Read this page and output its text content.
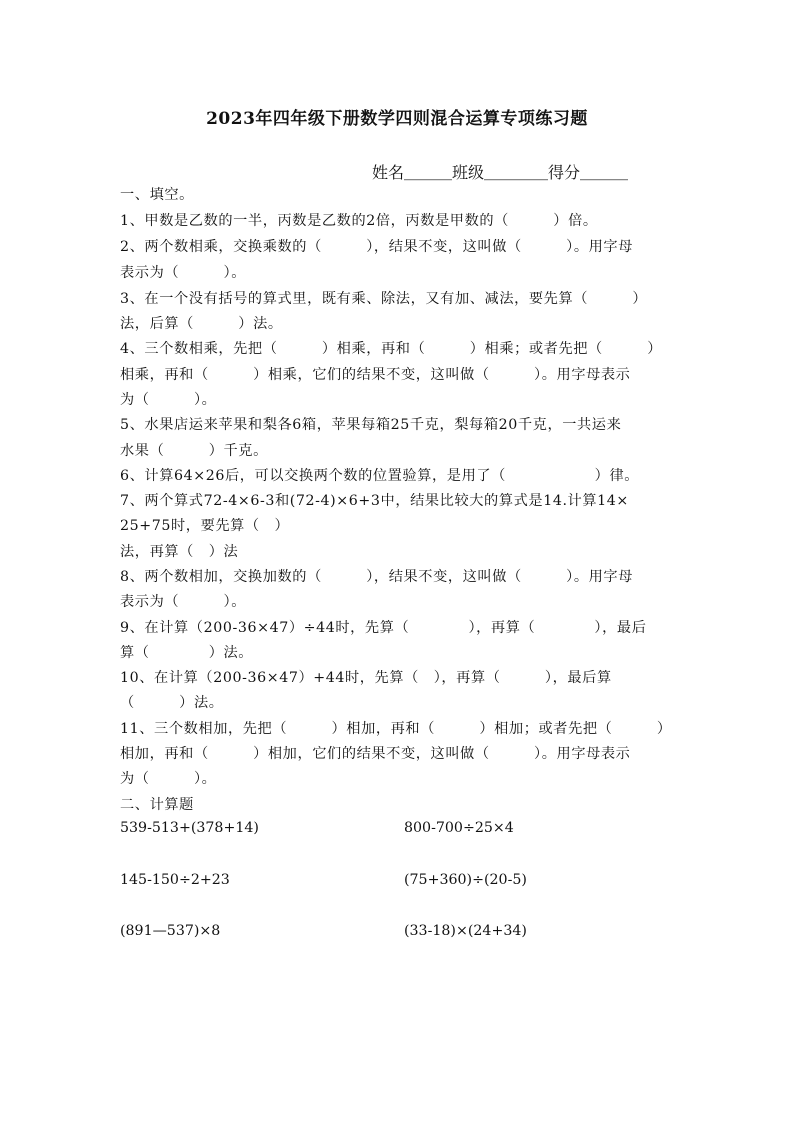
2023年四年级下册数学四则混合运算专项练习题
姓名＿＿＿班级＿＿＿＿得分＿＿＿
一、填空。
1、甲数是乙数的一半，丙数是乙数的2倍，丙数是甲数的（　　　）倍。
2、两个数相乘，交换乘数的（　　　），结果不变，这叫做（　　　）。用字母
表示为（　　　）。
3、在一个没有括号的算式里，既有乘、除法，又有加、减法，要先算（　　　）
法，后算（　　　）法。
4、三个数相乘，先把（　　　）相乘，再和（　　　）相乘；或者先把（　　　）
相乘，再和（　　　）相乘，它们的结果不变，这叫做（　　　）。用字母表示
为（　　　）。
5、水果店运来苹果和梨各6箱，苹果每箱25千克，梨每箱20千克，一共运来
水果（　　　）千克。
6、计算64×26后，可以交换两个数的位置验算，是用了（　　　　　　）律。
7、两个算式72-4×6-3和(72-4)×6+3中，结果比较大的算式是14.计算14×
25+75时，要先算（　）
法，再算（　）法
8、两个数相加，交换加数的（　　　），结果不变，这叫做（　　　）。用字母
表示为（　　　）。
9、在计算（200-36×47）÷44时，先算（　　　　），再算（　　　　），最后
算（　　　　）法。
10、在计算（200-36×47）+44时，先算（　），再算（　　　），最后算
（　　　）法。
11、三个数相加，先把（　　　）相加，再和（　　　）相加；或者先把（　　　）
相加，再和（　　　）相加，它们的结果不变，这叫做（　　　）。用字母表示
为（　　　）。
二、计算题
539-513+(378+14)	800-700÷25×4
145-150÷2+23	(75+360)÷(20-5)
(891—537)×8	(33-18)×(24+34)
